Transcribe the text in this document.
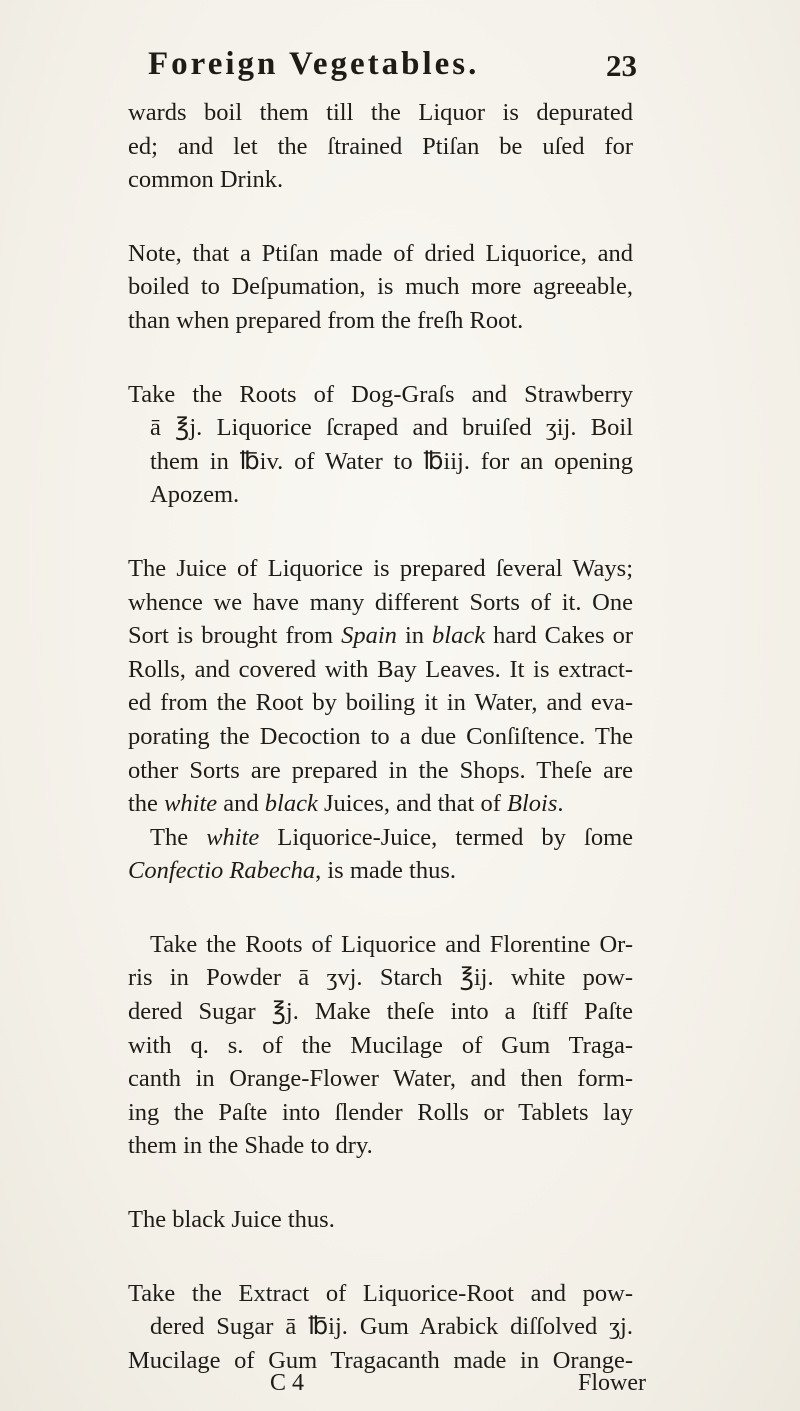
Foreign Vegetables.	23
wards boil them till the Liquor is depurated
ed; and let the ſtrained Ptiſan be uſed for
common Drink.
Note, that a Ptiſan made of dried Liquorice, and
boiled to Deſpumation, is much more agreeable,
than when prepared from the freſh Root.
Take the Roots of Dog-Graſs and Strawberry
ā ℥j. Liquorice ſcraped and bruiſed ʒij. Boil
them in ℔iv. of Water to ℔iij. for an opening
Apozem.
The Juice of Liquorice is prepared ſeveral Ways;
whence we have many different Sorts of it. One
Sort is brought from Spain in black hard Cakes or
Rolls, and covered with Bay Leaves. It is extract-
ed from the Root by boiling it in Water, and eva-
porating the Decoction to a due Conſiſtence. The
other Sorts are prepared in the Shops. Theſe are
the white and black Juices, and that of Blois.
The white Liquorice-Juice, termed by ſome
Confectio Rabecha, is made thus.
Take the Roots of Liquorice and Florentine Or-
ris in Powder ā ʒvj. Starch ℥ij. white pow-
dered Sugar ℥j. Make theſe into a ſtiff Paſte
with q. s. of the Mucilage of Gum Traga-
canth in Orange-Flower Water, and then form-
ing the Paſte into ſlender Rolls or Tablets lay
them in the Shade to dry.
The black Juice thus.
Take the Extract of Liquorice-Root and pow-
dered Sugar ā ℔ij. Gum Arabick diſſolved ʒj.
Mucilage of Gum Tragacanth made in Orange-
C 4	Flower
